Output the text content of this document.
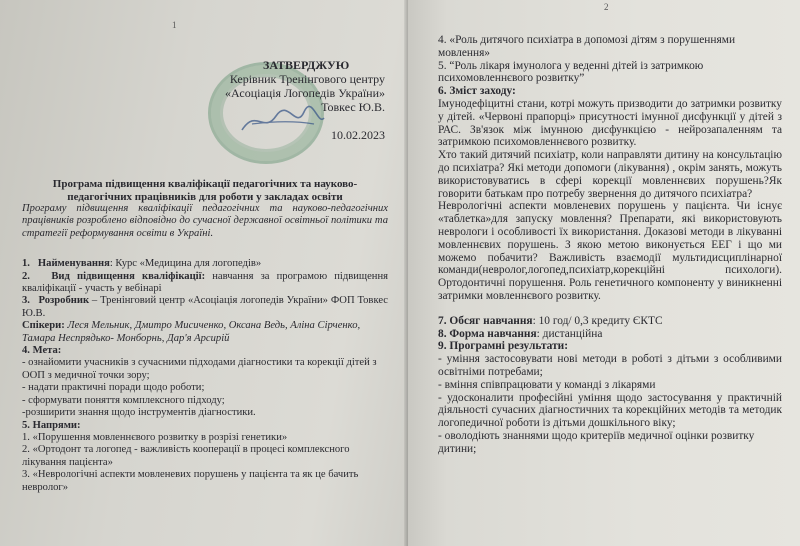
1
ЗАТВЕРДЖУЮ
Керівник Тренінгового центру
«Асоціація Логопедів України»
Товкес Ю.В.
10.02.2023
Програма підвищення кваліфікації педагогічних та науково-педагогічних працівників для роботи у закладах освіти
Програму підвищення кваліфікації педагогічних та науково-педагогічних працівників розроблено відповідно до сучасної державної освітньої політики та стратегії реформування освіти в Україні.

1. Найменування: Курс «Медицина для логопедів»

2. Вид підвищення кваліфікації: навчання за програмою підвищення кваліфікації - участь у вебінарі

3. Розробник – Тренінговий центр «Асоціація логопедів України» ФОП Товкес Ю.В.

Спікери: Леся Мельник, Дмитро Мисиченко, Оксана Ведь, Аліна Сірченко, Тамара Неспрядько- Монборнь, Дар'я Арсирій

4. Мета:
- ознайомити учасників з сучасними підходами діагностики та корекції дітей з ООП з медичної точки зору;
- надати практичні поради щодо роботи;
- сформувати поняття комплексного підходу;
-розширити знання щодо інструментів діагностики.
5. Напрями:
1. «Порушення мовленнєвого розвитку в розрізі генетики»
2. «Ортодонт та логопед - важливість кооперації в процесі комплексного лікування пацієнта»
3. «Неврологічні аспекти мовленевих порушень у пацієнта та як це бачить невролог»
2
4. «Роль дитячого психіатра в допомозі дітям з порушеннями мовлення»
5. “Роль лікаря імунолога у веденні дітей із затримкою психомовленнєвого розвитку”
6. Зміст заходу:
Імунодефіцитні стани, котрі можуть призводити до затримки розвитку у дітей. «Червоні прапорці» присутності імунної дисфункції у дітей з РАС. Зв'язок між імунною дисфункцією - нейрозапаленням та затримкою психомовленнєвого розвитку.
Хто такий дитячий психіатр, коли направляти дитину на консультацію до психіатра? Які методи допомоги (лікування) , окрім занять, можуть використовуватись в сфері корекції мовленнєвих порушень?Як говорити батькам про потребу звернення до дитячого психіатра?
Неврологічні аспекти мовленевих порушень у пацієнта. Чи існує «таблетка»для запуску мовлення? Препарати, які використовують неврологи і особливості їх використання. Доказові методи в лікуванні мовленнєвих порушень. З якою метою виконується ЕЕГ і що ми можемо побачити? Важливість взаємодії мультидисциплінарної команди(невролог,логопед,психіатр,корекційні психологи). Ортодонтичні порушення. Роль генетичного компоненту у виникненні затримки мовленнєвого розвитку.
7. Обсяг навчання: 10 год/ 0,3 кредиту ЄКТС
8. Форма навчання: дистанційна
9. Програмні результати:
- уміння застосовувати нові методи в роботі з дітьми з особливими освітніми потребами;
- вміння співпрацювати у команді з лікарями
- удосконалити професійні уміння щодо застосування у практичній діяльності сучасних діагностичних та корекційних методів та методик логопедичної роботи із дітьми дошкільного віку;
- оволодіють знаннями щодо критеріїв медичної оцінки розвитку дитини;
